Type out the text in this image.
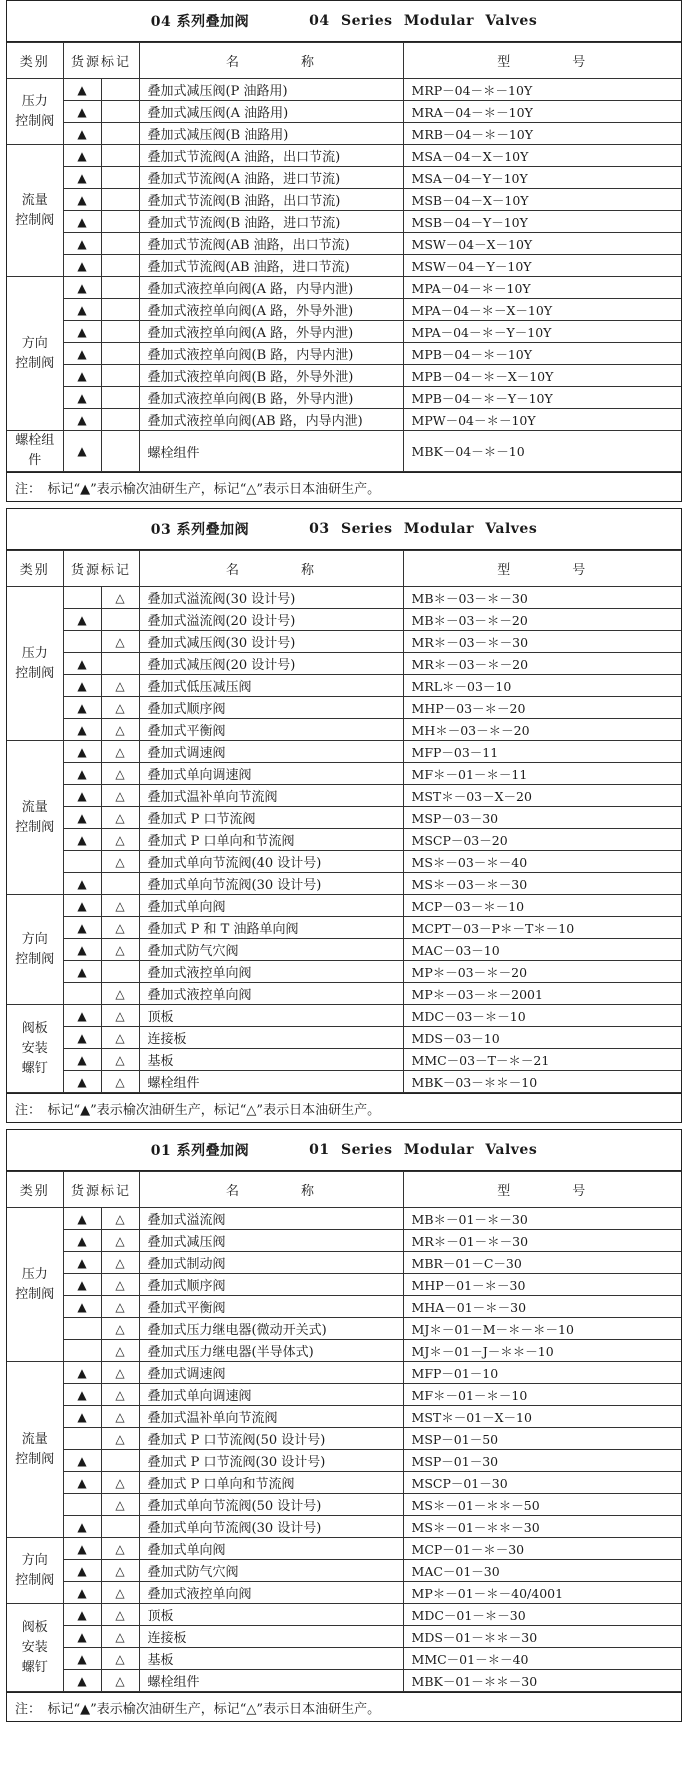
04 系列叠加阀	04 Series Modular Valves
类别	货源标记		名　　　　称	型　　　　号
压力
控制阀	▲		叠加式减压阀(P 油路用)	MRP－04－＊－10Y
	▲		叠加式减压阀(A 油路用)	MRA－04－＊－10Y
	▲		叠加式减压阀(B 油路用)	MRB－04－＊－10Y
流量
控制阀	▲		叠加式节流阀(A 油路，出口节流)	MSA－04－X－10Y
	▲		叠加式节流阀(A 油路，进口节流)	MSA－04－Y－10Y
	▲		叠加式节流阀(B 油路，出口节流)	MSB－04－X－10Y
	▲		叠加式节流阀(B 油路，进口节流)	MSB－04－Y－10Y
	▲		叠加式节流阀(AB 油路，出口节流)	MSW－04－X－10Y
	▲		叠加式节流阀(AB 油路，进口节流)	MSW－04－Y－10Y
方向
控制阀	▲		叠加式液控单向阀(A 路，内导内泄)	MPA－04－＊－10Y
	▲		叠加式液控单向阀(A 路，外导外泄)	MPA－04－＊－X－10Y
	▲		叠加式液控单向阀(A 路，外导内泄)	MPA－04－＊－Y－10Y
	▲		叠加式液控单向阀(B 路，内导内泄)	MPB－04－＊－10Y
	▲		叠加式液控单向阀(B 路，外导外泄)	MPB－04－＊－X－10Y
	▲		叠加式液控单向阀(B 路，外导内泄)	MPB－04－＊－Y－10Y
	▲		叠加式液控单向阀(AB 路，内导内泄)	MPW－04－＊－10Y
螺栓组件	▲		螺栓组件	MBK－04－＊－10
注：　标记“▲”表示榆次油研生产，标记“△”表示日本油研生产。
03 系列叠加阀	03 Series Modular Valves
类别	货源标记		名　　　　称	型　　　　号
压力
控制阀		△	叠加式溢流阀(30 设计号)	MB＊－03－＊－30
	▲		叠加式溢流阀(20 设计号)	MB＊－03－＊－20
		△	叠加式减压阀(30 设计号)	MR＊－03－＊－30
	▲		叠加式减压阀(20 设计号)	MR＊－03－＊－20
	▲	△	叠加式低压减压阀	MRL＊－03－10
	▲	△	叠加式顺序阀	MHP－03－＊－20
	▲	△	叠加式平衡阀	MH＊－03－＊－20
流量
控制阀	▲	△	叠加式调速阀	MFP－03－11
	▲	△	叠加式单向调速阀	MF＊－01－＊－11
	▲	△	叠加式温补单向节流阀	MST＊－03－X－20
	▲	△	叠加式 P 口节流阀	MSP－03－30
	▲	△	叠加式 P 口单向和节流阀	MSCP－03－20
		△	叠加式单向节流阀(40 设计号)	MS＊－03－＊－40
	▲		叠加式单向节流阀(30 设计号)	MS＊－03－＊－30
方向
控制阀	▲	△	叠加式单向阀	MCP－03－＊－10
	▲	△	叠加式 P 和 T 油路单向阀	MCPT－03－P＊－T＊－10
	▲	△	叠加式防气穴阀	MAC－03－10
	▲		叠加式液控单向阀	MP＊－03－＊－20
		△	叠加式液控单向阀	MP＊－03－＊－2001
阀板
安装
螺钉	▲	△	顶板	MDC－03－＊－10
	▲	△	连接板	MDS－03－10
	▲	△	基板	MMC－03－T－＊－21
	▲	△	螺栓组件	MBK－03－＊＊－10
注：　标记“▲”表示榆次油研生产，标记“△”表示日本油研生产。
01 系列叠加阀	01 Series Modular Valves
类别	货源标记		名　　　　称	型　　　　号
压力
控制阀	▲	△	叠加式溢流阀	MB＊－01－＊－30
	▲	△	叠加式减压阀	MR＊－01－＊－30
	▲	△	叠加式制动阀	MBR－01－C－30
	▲	△	叠加式顺序阀	MHP－01－＊－30
	▲	△	叠加式平衡阀	MHA－01－＊－30
		△	叠加式压力继电器(微动开关式)	MJ＊－01－M－＊－＊－10
		△	叠加式压力继电器(半导体式)	MJ＊－01－J－＊＊－10
流量
控制阀	▲	△	叠加式调速阀	MFP－01－10
	▲	△	叠加式单向调速阀	MF＊－01－＊－10
	▲	△	叠加式温补单向节流阀	MST＊－01－X－10
		△	叠加式 P 口节流阀(50 设计号)	MSP－01－50
	▲		叠加式 P 口节流阀(30 设计号)	MSP－01－30
	▲	△	叠加式 P 口单向和节流阀	MSCP－01－30
		△	叠加式单向节流阀(50 设计号)	MS＊－01－＊＊－50
	▲		叠加式单向节流阀(30 设计号)	MS＊－01－＊＊－30
方向
控制阀	▲	△	叠加式单向阀	MCP－01－＊－30
	▲	△	叠加式防气穴阀	MAC－01－30
	▲	△	叠加式液控单向阀	MP＊－01－＊－40/4001
阀板
安装
螺钉	▲	△	顶板	MDC－01－＊－30
	▲	△	连接板	MDS－01－＊＊－30
	▲	△	基板	MMC－01－＊－40
	▲	△	螺栓组件	MBK－01－＊＊－30
注：　标记“▲”表示榆次油研生产，标记“△”表示日本油研生产。
